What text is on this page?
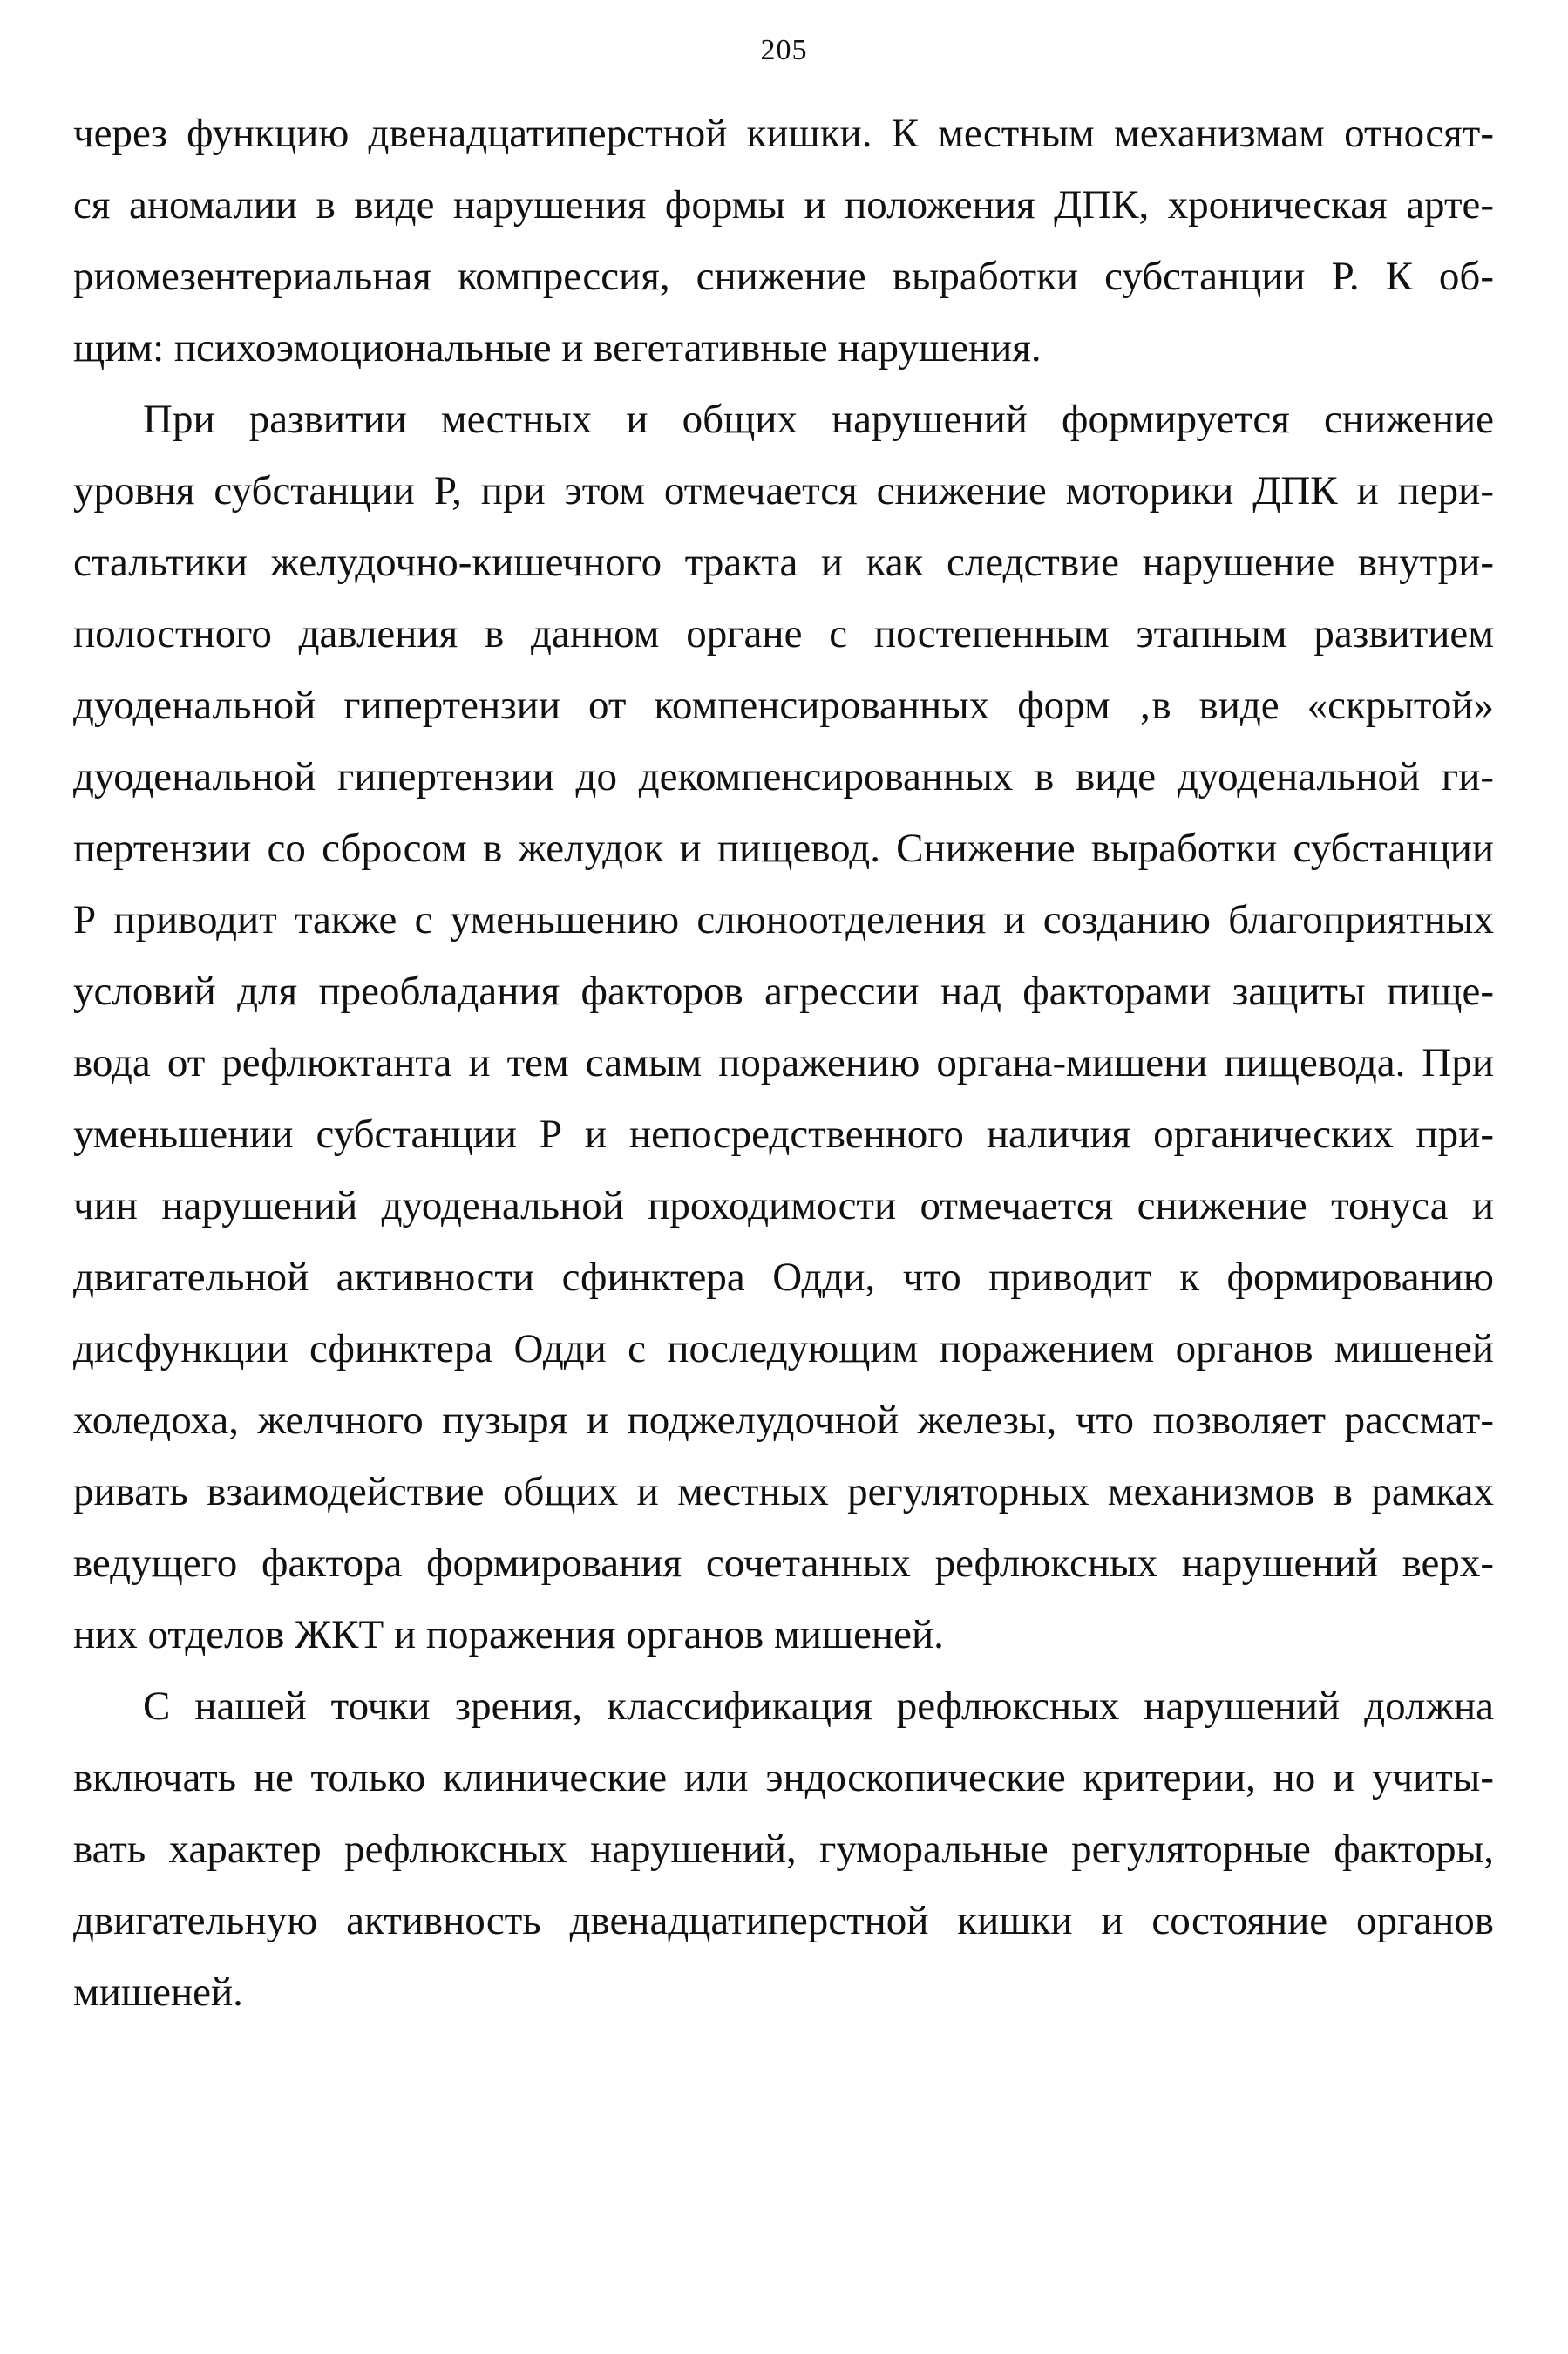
205
через функцию двенадцатиперстной кишки. К местным механизмам относят-
ся аномалии в виде нарушения формы и положения ДПК, хроническая арте-
риомезентериальная компрессия, снижение выработки субстанции Р. К об-
щим: психоэмоциональные и вегетативные нарушения.
При развитии местных и общих нарушений формируется снижение
уровня субстанции Р, при этом отмечается снижение моторики ДПК и пери-
стальтики желудочно-кишечного тракта и как следствие нарушение внутри-
полостного давления в данном органе с постепенным этапным развитием
дуоденальной гипертензии от компенсированных форм ‚в виде «скрытой»
дуоденальной гипертензии до декомпенсированных в виде дуоденальной ги-
пертензии со сбросом в желудок и пищевод. Снижение выработки субстанции
Р приводит также с уменьшению слюноотделения и созданию благоприятных
условий для преобладания факторов агрессии над факторами защиты пище-
вода от рефлюктанта и тем самым поражению органа-мишени пищевода. При
уменьшении субстанции Р и непосредственного наличия органических при-
чин нарушений дуоденальной проходимости отмечается снижение тонуса и
двигательной активности сфинктера Одди, что приводит к формированию
дисфункции сфинктера Одди с последующим поражением органов мишеней
холедоха, желчного пузыря и поджелудочной железы, что позволяет рассмат-
ривать взаимодействие общих и местных регуляторных механизмов в рамках
ведущего фактора формирования сочетанных рефлюксных нарушений верх-
них отделов ЖКТ и поражения органов мишеней.
С нашей точки зрения, классификация рефлюксных нарушений должна
включать не только клинические или эндоскопические критерии, но и учиты-
вать характер рефлюксных нарушений, гуморальные регуляторные факторы,
двигательную активность двенадцатиперстной кишки и состояние органов
мишеней.
